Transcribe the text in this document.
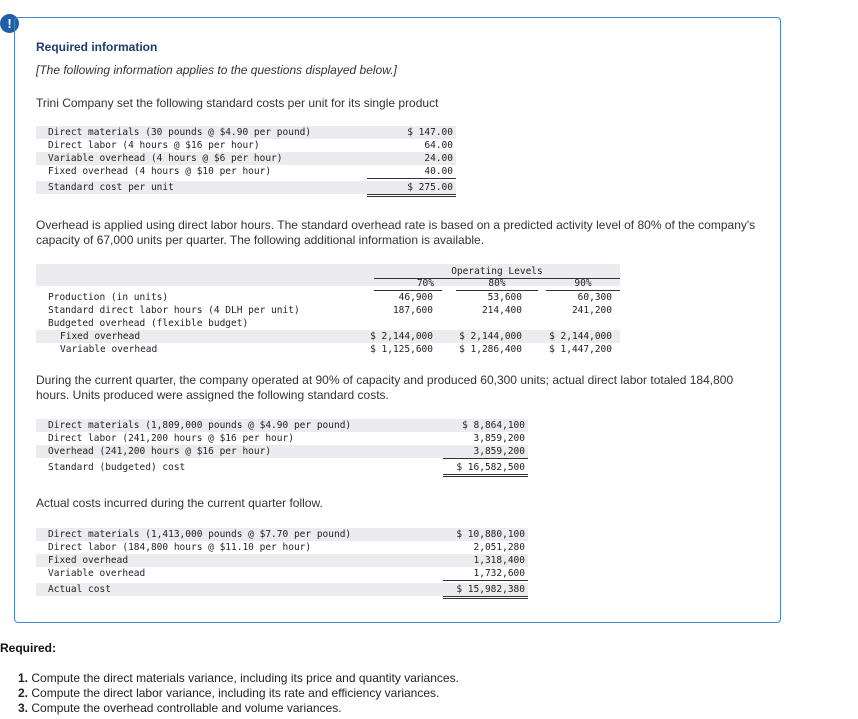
!
Required information
[The following information applies to the questions displayed below.]
Trini Company set the following standard costs per unit for its single product
Direct materials (30 pounds @ $4.90 per pound)	$ 147.00
Direct labor (4 hours @ $16 per hour)	64.00
Variable overhead (4 hours @ $6 per hour)	24.00
Fixed overhead (4 hours @ $10 per hour)	40.00
Standard cost per unit	$ 275.00
Overhead is applied using direct labor hours. The standard overhead rate is based on a predicted activity level of 80% of the company's capacity of 67,000 units per quarter. The following additional information is available.
Operating Levels
70%	80%	90%
Production (in units)	46,900	53,600	60,300
Standard direct labor hours (4 DLH per unit)	187,600	214,400	241,200
Budgeted overhead (flexible budget)
Fixed overhead	$ 2,144,000	$ 2,144,000	$ 2,144,000
Variable overhead	$ 1,125,600	$ 1,286,400	$ 1,447,200
During the current quarter, the company operated at 90% of capacity and produced 60,300 units; actual direct labor totaled 184,800 hours. Units produced were assigned the following standard costs.
Direct materials (1,809,000 pounds @ $4.90 per pound)	$ 8,864,100
Direct labor (241,200 hours @ $16 per hour)	3,859,200
Overhead (241,200 hours @ $16 per hour)	3,859,200
Standard (budgeted) cost	$ 16,582,500
Actual costs incurred during the current quarter follow.
Direct materials (1,413,000 pounds @ $7.70 per pound)	$ 10,880,100
Direct labor (184,800 hours @ $11.10 per hour)	2,051,280
Fixed overhead	1,318,400
Variable overhead	1,732,600
Actual cost	$ 15,982,380
Required:
1. Compute the direct materials variance, including its price and quantity variances.
2. Compute the direct labor variance, including its rate and efficiency variances.
3. Compute the overhead controllable and volume variances.
